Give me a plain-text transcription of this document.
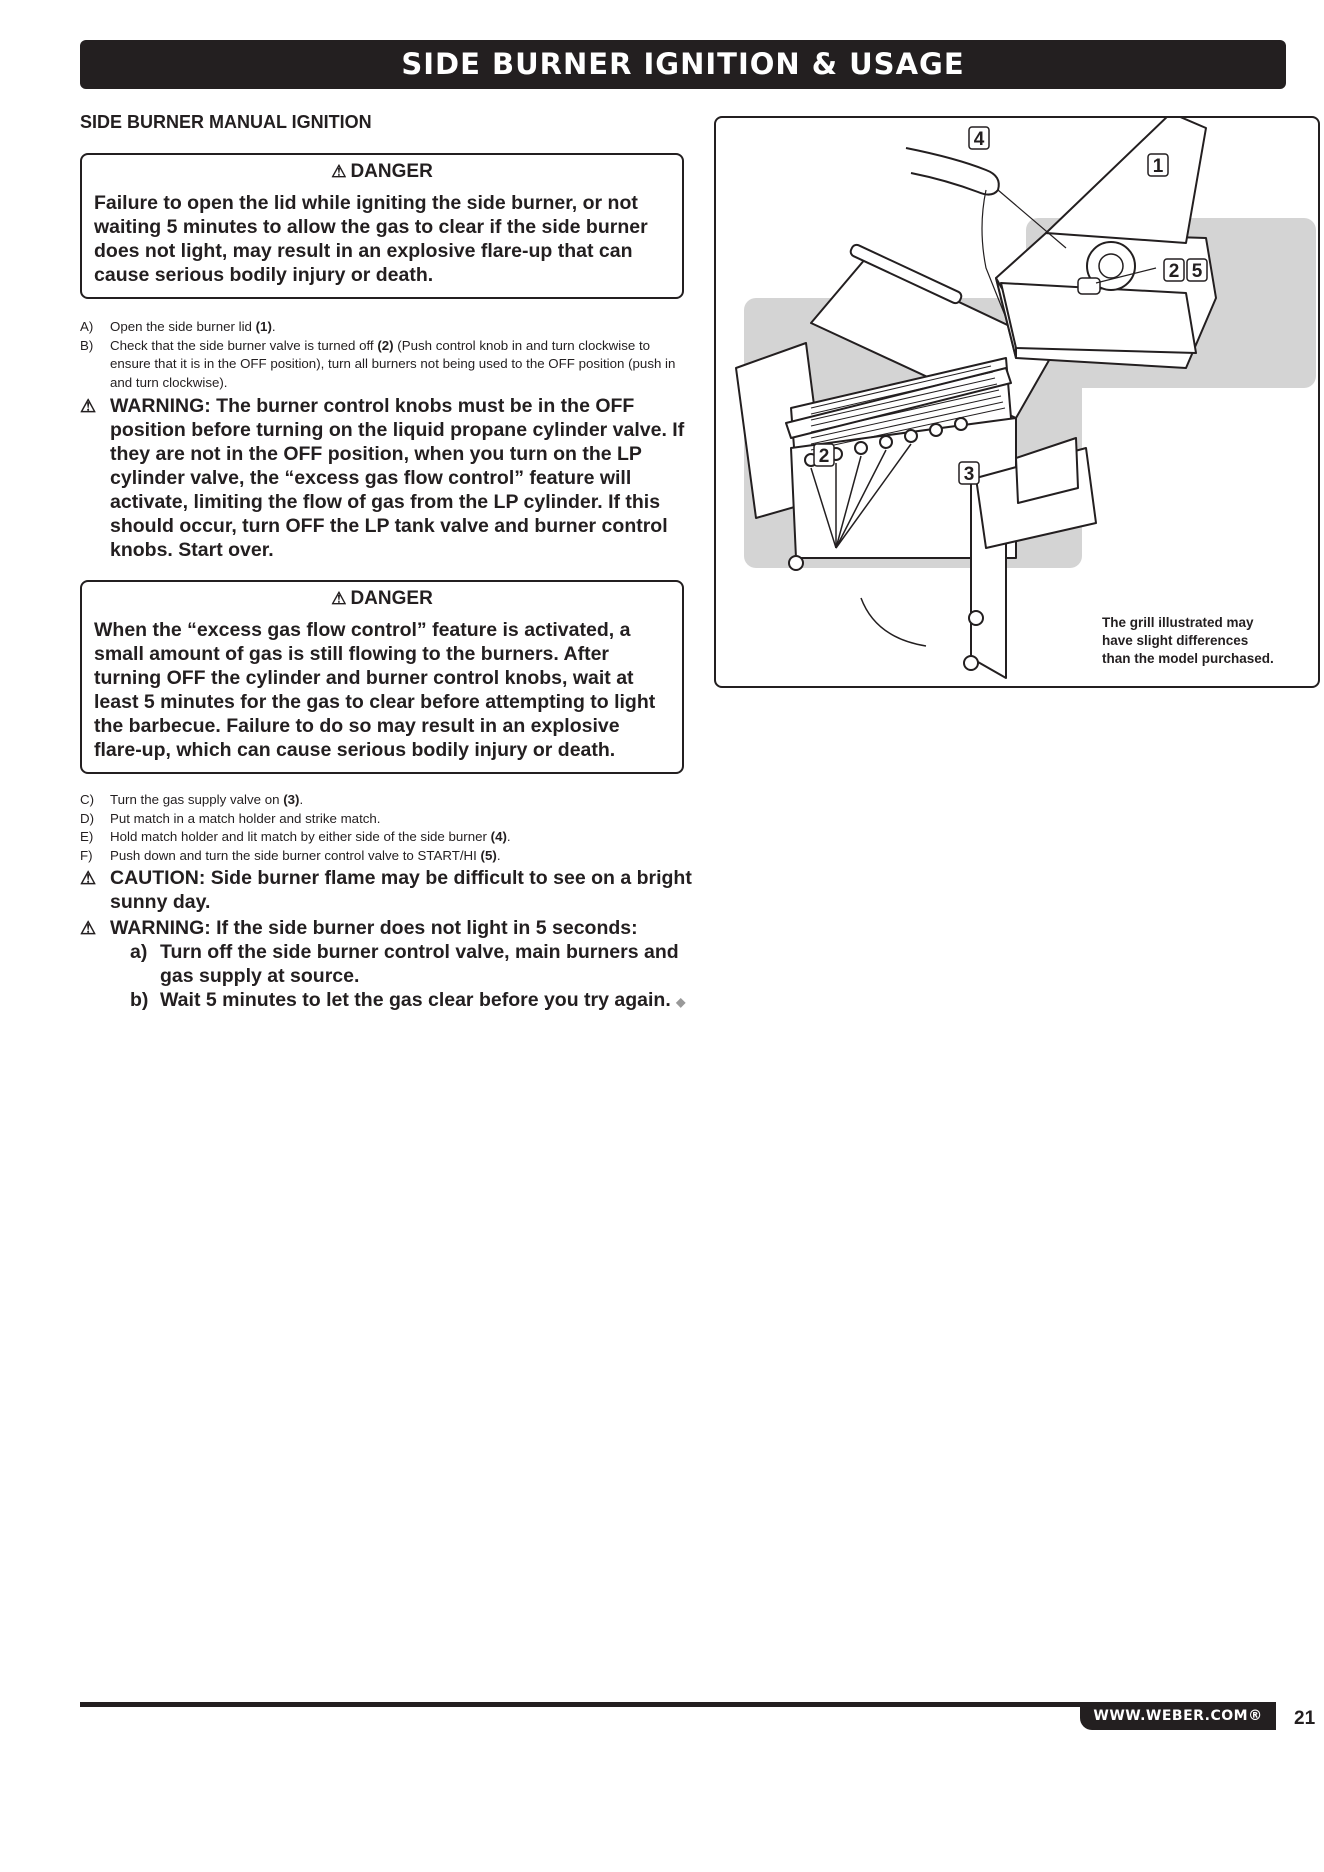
SIDE BURNER IGNITION & USAGE
SIDE BURNER MANUAL IGNITION
⚠ DANGER
Failure to open the lid while igniting the side burner, or not waiting 5 minutes to allow the gas to clear if the side burner does not light, may result in an explosive flare-up that can cause serious bodily injury or death.
A)	Open the side burner lid (1).
B)	Check that the side burner valve is turned off (2) (Push control knob in and turn clockwise to ensure that it is in the OFF position), turn all burners not being used to the OFF position (push in and turn clockwise).
⚠ WARNING: The burner control knobs must be in the OFF position before turning on the liquid propane cylinder valve. If they are not in the OFF position, when you turn on the LP cylinder valve, the “excess gas flow control” feature will activate, limiting the flow of gas from the LP cylinder. If this should occur, turn OFF the LP tank valve and burner control knobs. Start over.
⚠ DANGER
When the “excess gas flow control” feature is activated, a small amount of gas is still flowing to the burners. After turning OFF the cylinder and burner control knobs, wait at least 5 minutes for the gas to clear before attempting to light the barbecue. Failure to do so may result in an explosive flare-up, which can cause serious bodily injury or death.
C)	Turn the gas supply valve on (3).
D)	Put match in a match holder and strike match.
E)	Hold match holder and lit match by either side of the side burner (4).
F)	Push down and turn the side burner control valve to START/HI (5).
⚠ CAUTION: Side burner flame may be difficult to see on a bright sunny day.
⚠ WARNING: If the side burner does not light in 5 seconds:
a) Turn off the side burner control valve, main burners and gas supply at source.
b) Wait 5 minutes to let the gas clear before you try again. ◆
4
1
2 5
2
3
The grill illustrated may
have slight differences
than the model purchased.
WWW.WEBER.COM®	21
